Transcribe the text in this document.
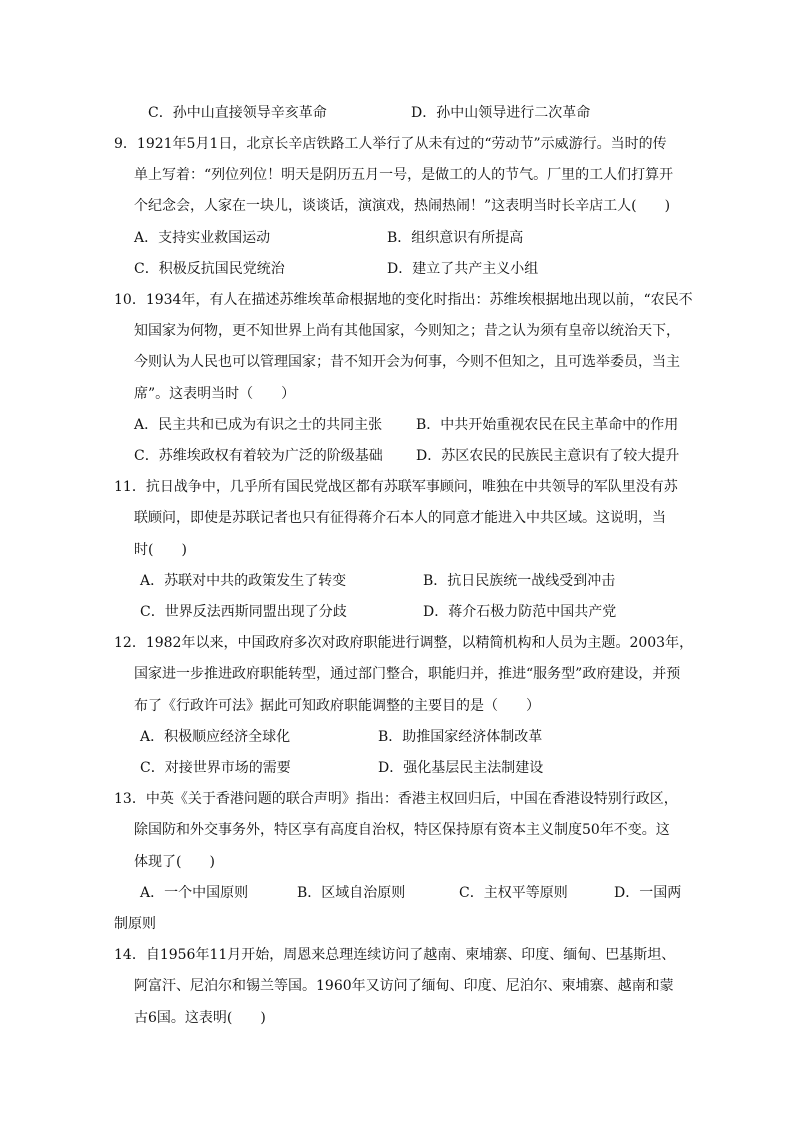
C．孙中山直接领导辛亥革命	D．孙中山领导进行二次革命
9．1921年5月1日，北京长辛店铁路工人举行了从未有过的“劳动节”示威游行。当时的传
单上写着：“列位列位！明天是阴历五月一号，是做工的人的节气。厂里的工人们打算开
个纪念会，人家在一块儿，谈谈话，演演戏，热闹热闹！”这表明当时长辛店工人(　　)
A．支持实业救国运动	B．组织意识有所提高
C．积极反抗国民党统治	D．建立了共产主义小组
10．1934年，有人在描述苏维埃革命根据地的变化时指出：苏维埃根据地出现以前，“农民不
知国家为何物，更不知世界上尚有其他国家，今则知之；昔之认为须有皇帝以统治天下，
今则认为人民也可以管理国家；昔不知开会为何事，今则不但知之，且可选举委员，当主
席”。这表明当时（　　）
A．民主共和已成为有识之士的共同主张 B．中共开始重视农民在民主革命中的作用
C．苏维埃政权有着较为广泛的阶级基础 D．苏区农民的民族民主意识有了较大提升
11．抗日战争中，几乎所有国民党战区都有苏联军事顾问，唯独在中共领导的军队里没有苏
联顾问，即使是苏联记者也只有征得蒋介石本人的同意才能进入中共区域。这说明，当
时(　　)
A．苏联对中共的政策发生了转变	B．抗日民族统一战线受到冲击
C．世界反法西斯同盟出现了分歧	D．蒋介石极力防范中国共产党
12．1982年以来，中国政府多次对政府职能进行调整，以精简机构和人员为主题。2003年，
国家进一步推进政府职能转型，通过部门整合，职能归并，推进“服务型”政府建设，并预
布了《行政许可法》据此可知政府职能调整的主要目的是（　　）
A．积极顺应经济全球化	B．助推国家经济体制改革
C．对接世界市场的需要	D．强化基层民主法制建设
13．中英《关于香港问题的联合声明》指出：香港主权回归后，中国在香港设特别行政区，
除国防和外交事务外，特区享有高度自治权，特区保持原有资本主义制度50年不变。这
体现了(　　)
A．一个中国原则	B．区域自治原则	C．主权平等原则	D．一国两
制原则
14．自1956年11月开始，周恩来总理连续访问了越南、柬埔寨、印度、缅甸、巴基斯坦、
阿富汗、尼泊尔和锡兰等国。1960年又访问了缅甸、印度、尼泊尔、柬埔寨、越南和蒙
古6国。这表明(　　)
